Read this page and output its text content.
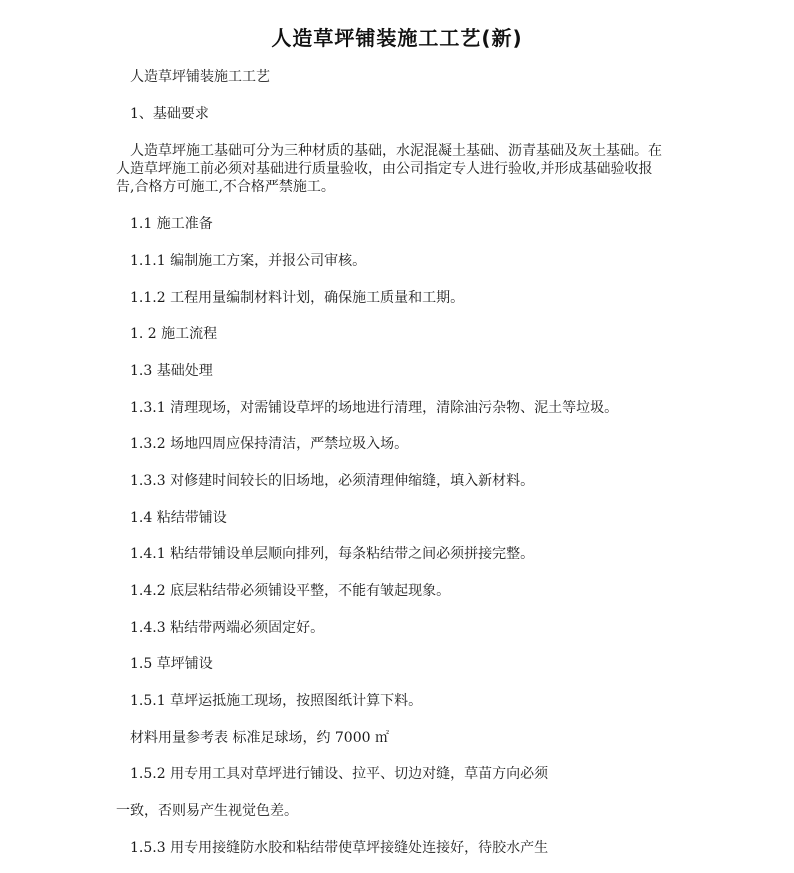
人造草坪铺装施工工艺(新)
人造草坪铺装施工工艺
1、基础要求
人造草坪施工基础可分为三种材质的基础，水泥混凝土基础、沥青基础及灰土基础。在
人造草坪施工前必须对基础进行质量验收，由公司指定专人进行验收,并形成基础验收报
告,合格方可施工,不合格严禁施工。
1.1 施工准备
1.1.1 编制施工方案，并报公司审核。
1.1.2 工程用量编制材料计划，确保施工质量和工期。
1. 2 施工流程
1.3 基础处理
1.3.1 清理现场，对需铺设草坪的场地进行清理，清除油污杂物、泥土等垃圾。
1.3.2 场地四周应保持清洁，严禁垃圾入场。
1.3.3 对修建时间较长的旧场地，必须清理伸缩缝，填入新材料。
1.4 粘结带铺设
1.4.1 粘结带铺设单层顺向排列，每条粘结带之间必须拼接完整。
1.4.2 底层粘结带必须铺设平整，不能有皱起现象。
1.4.3 粘结带两端必须固定好。
1.5 草坪铺设
1.5.1 草坪运抵施工现场，按照图纸计算下料。
材料用量参考表 标准足球场，约 7000 ㎡
1.5.2 用专用工具对草坪进行铺设、拉平、切边对缝，草苗方向必须
一致，否则易产生视觉色差。
1.5.3 用专用接缝防水胶和粘结带使草坪接缝处连接好，待胶水产生
